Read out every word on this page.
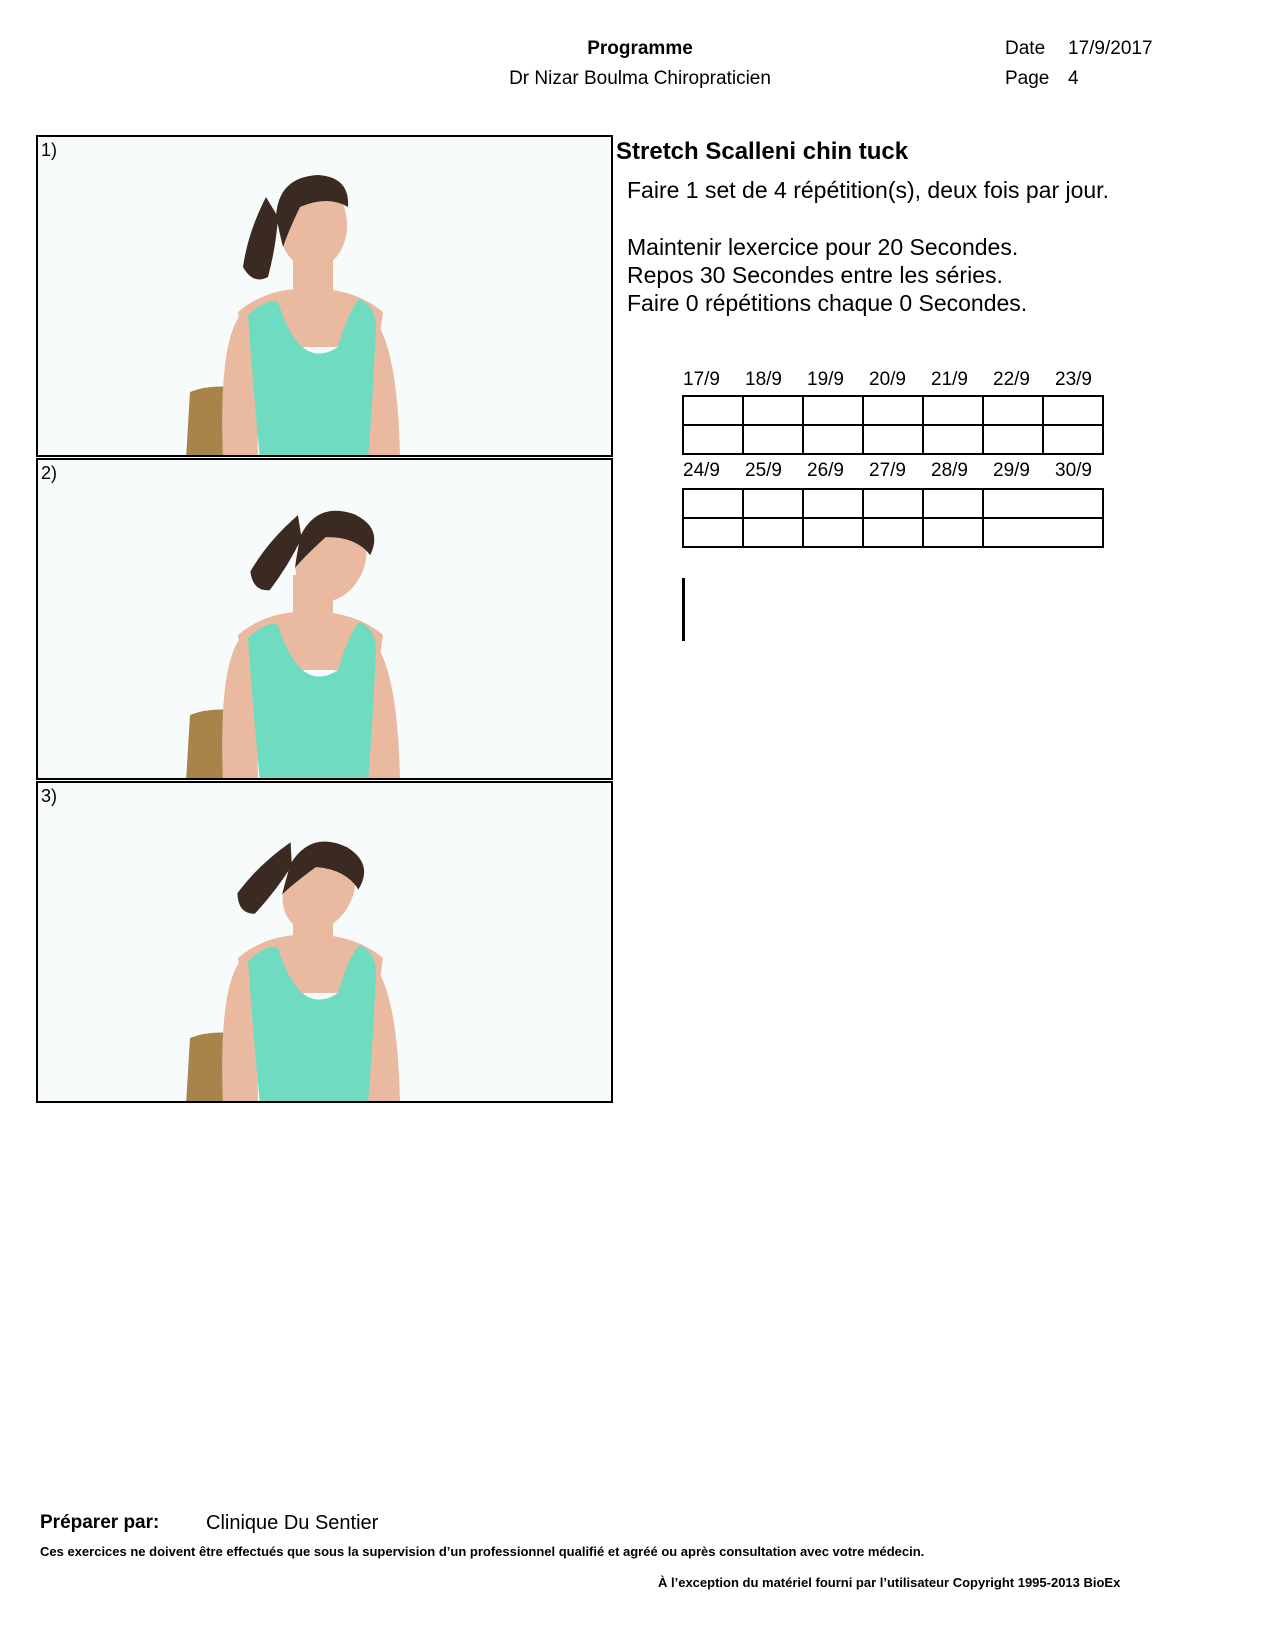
Programme
Dr Nizar Boulma Chiropraticien
Date 17/9/2017
Page 4
1)
2)
3)
Stretch Scalleni chin tuck
Faire 1 set de 4 répétition(s), deux fois par jour.
Maintenir lexercice pour 20 Secondes.
Repos 30 Secondes entre les séries.
Faire 0 répétitions chaque 0 Secondes.
17/9 18/9 19/9 20/9 21/9 22/9 23/9

24/9 25/9 26/9 27/9 28/9 29/9 30/9

Préparer par: Clinique Du Sentier
Ces exercices ne doivent être effectués que sous la supervision d’un professionnel qualifié et agréé ou après consultation avec votre médecin.
À l’exception du matériel fourni par l’utilisateur Copyright 1995-2013 BioEx
